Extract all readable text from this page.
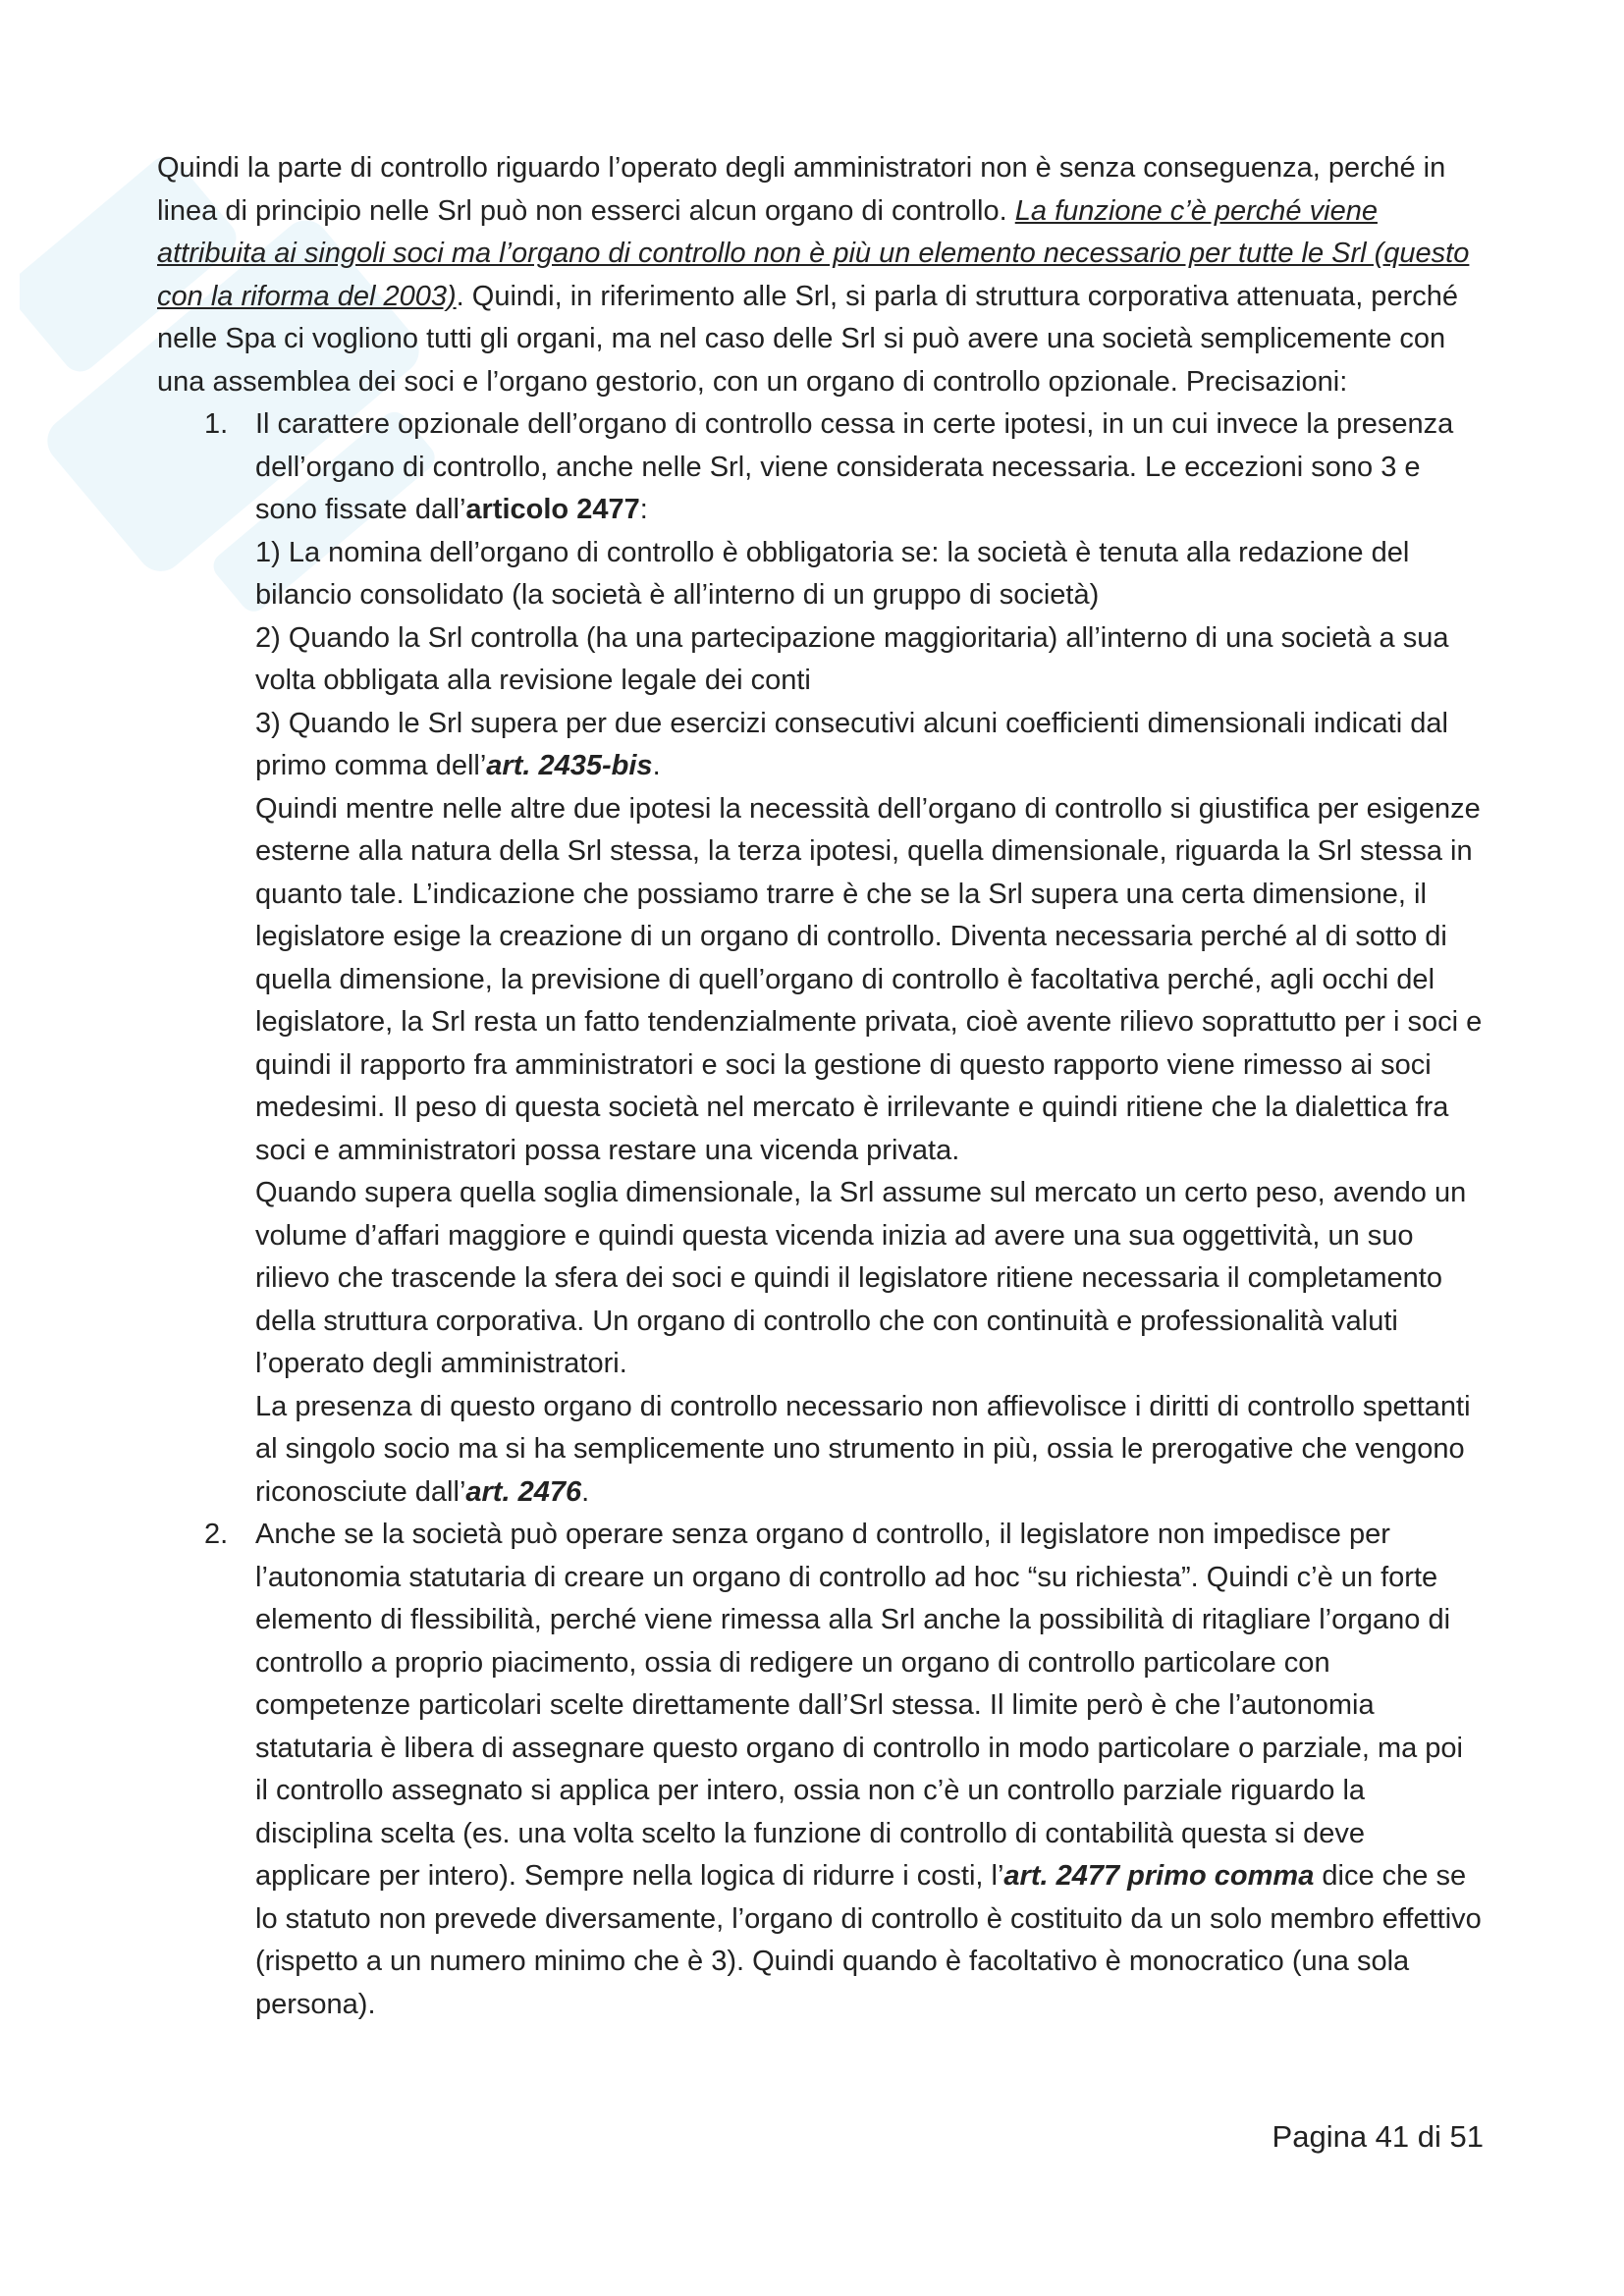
Quindi la parte di controllo riguardo l’operato degli amministratori non è senza conseguenza, perché in linea di principio nelle Srl può non esserci alcun organo di controllo. La funzione c’è perché viene attribuita ai singoli soci ma l’organo di controllo non è più un elemento necessario per tutte le Srl (questo con la riforma del 2003). Quindi, in riferimento alle Srl, si parla di struttura corporativa attenuata, perché nelle Spa ci vogliono tutti gli organi, ma nel caso delle Srl si può avere una società semplicemente con una assemblea dei soci e l’organo gestorio, con un organo di controllo opzionale. Precisazioni:

1. Il carattere opzionale dell’organo di controllo cessa in certe ipotesi, in un cui invece la presenza dell’organo di controllo, anche nelle Srl, viene considerata necessaria. Le eccezioni sono 3 e sono fissate dall’articolo 2477:

1) La nomina dell’organo di controllo è obbligatoria se: la società è tenuta alla redazione del bilancio consolidato (la società è all’interno di un gruppo di società)

2) Quando la Srl controlla (ha una partecipazione maggioritaria) all’interno di una società a sua volta obbligata alla revisione legale dei conti

3) Quando le Srl supera per due esercizi consecutivi alcuni coefficienti dimensionali indicati dal primo comma dell’art. 2435-bis.

Quindi mentre nelle altre due ipotesi la necessità dell’organo di controllo si giustifica per esigenze esterne alla natura della Srl stessa, la terza ipotesi, quella dimensionale, riguarda la Srl stessa in quanto tale. L’indicazione che possiamo trarre è che se la Srl supera una certa dimensione, il legislatore esige la creazione di un organo di controllo. Diventa necessaria perché al di sotto di quella dimensione, la previsione di quell’organo di controllo è facoltativa perché, agli occhi del legislatore, la Srl resta un fatto tendenzialmente privata, cioè avente rilievo soprattutto per i soci e quindi il rapporto fra amministratori e soci la gestione di questo rapporto viene rimesso ai soci medesimi. Il peso di questa società nel mercato è irrilevante e quindi ritiene che la dialettica fra soci e amministratori possa restare una vicenda privata.

Quando supera quella soglia dimensionale, la Srl assume sul mercato un certo peso, avendo un volume d’affari maggiore e quindi questa vicenda inizia ad avere una sua oggettività, un suo rilievo che trascende la sfera dei soci e quindi il legislatore ritiene necessaria il completamento della struttura corporativa. Un organo di controllo che con continuità e professionalità valuti l’operato degli amministratori.

La presenza di questo organo di controllo necessario non affievolisce i diritti di controllo spettanti al singolo socio ma si ha semplicemente uno strumento in più, ossia le prerogative che vengono riconosciute dall’art. 2476.

2. Anche se la società può operare senza organo d controllo, il legislatore non impedisce per l’autonomia statutaria di creare un organo di controllo ad hoc “su richiesta”. Quindi c’è un forte elemento di flessibilità, perché viene rimessa alla Srl anche la possibilità di ritagliare l’organo di controllo a proprio piacimento, ossia di redigere un organo di controllo particolare con competenze particolari scelte direttamente dall’Srl stessa. Il limite però è che l’autonomia statutaria è libera di assegnare questo organo di controllo in modo particolare o parziale, ma poi il controllo assegnato si applica per intero, ossia non c’è un controllo parziale riguardo la disciplina scelta (es. una volta scelto la funzione di controllo di contabilità questa si deve applicare per intero). Sempre nella logica di ridurre i costi, l’art. 2477 primo comma dice che se lo statuto non prevede diversamente, l’organo di controllo è costituito da un solo membro effettivo (rispetto a un numero minimo che è 3). Quindi quando è facoltativo è monocratico (una sola persona).

Pagina 41 di 51
